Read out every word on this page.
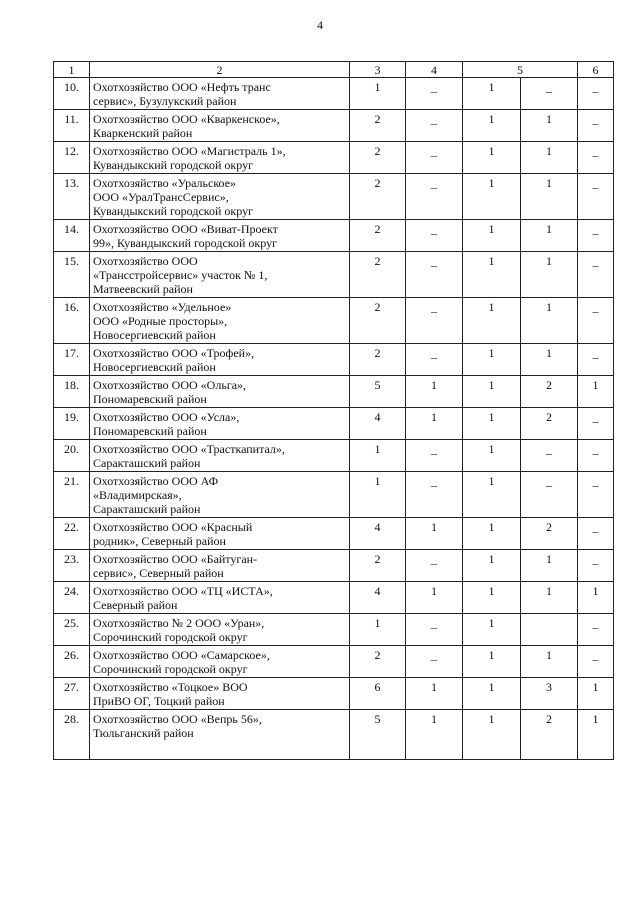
4
1	2	3	4	5		6
10.	Охотхозяйство ООО «Нефть транс
сервис», Бузулукский район	1	_	1	_	_
11.	Охотхозяйство ООО «Кваркенское»,
Кваркенский район	2	_	1	1	_
12.	Охотхозяйство ООО «Магистраль 1»,
Кувандыкский городской округ	2	_	1	1	_
13.	Охотхозяйство «Уральское»
ООО «УралТрансСервис»,
Кувандыкский городской округ	2	_	1	1	_
14.	Охотхозяйство ООО «Виват-Проект
99», Кувандыкский городской округ	2	_	1	1	_
15.	Охотхозяйство ООО
«Трансстройсервис» участок № 1,
Матвеевский район	2	_	1	1	_
16.	Охотхозяйство «Удельное»
ООО «Родные просторы»,
Новосергиевский район	2	_	1	1	_
17.	Охотхозяйство ООО «Трофей»,
Новосергиевский район	2	_	1	1	_
18.	Охотхозяйство ООО «Ольга»,
Пономаревский район	5	1	1	2	1
19.	Охотхозяйство ООО «Усла»,
Пономаревский район	4	1	1	2	_
20.	Охотхозяйство ООО «Трасткапитал»,
Саракташский район	1	_	1	_	_
21.	Охотхозяйство ООО АФ
«Владимирская»,
Саракташский район	1	_	1	_	_
22.	Охотхозяйство ООО «Красный
родник», Северный район	4	1	1	2	_
23.	Охотхозяйство ООО «Байтуган-
сервис», Северный район	2	_	1	1	_
24.	Охотхозяйство ООО «ТЦ «ИСТА»,
Северный район	4	1	1	1	1
25.	Охотхозяйство № 2 ООО «Уран»,
Сорочинский городской округ	1	_	1		_
26.	Охотхозяйство ООО «Самарское»,
Сорочинский городской округ	2	_	1	1	_
27.	Охотхозяйство «Тоцкое» ВОО
ПриВО ОГ, Тоцкий район	6	1	1	3	1
28.	Охотхозяйство ООО «Вепрь 56»,
Тюльганский район	5	1	1	2	1
